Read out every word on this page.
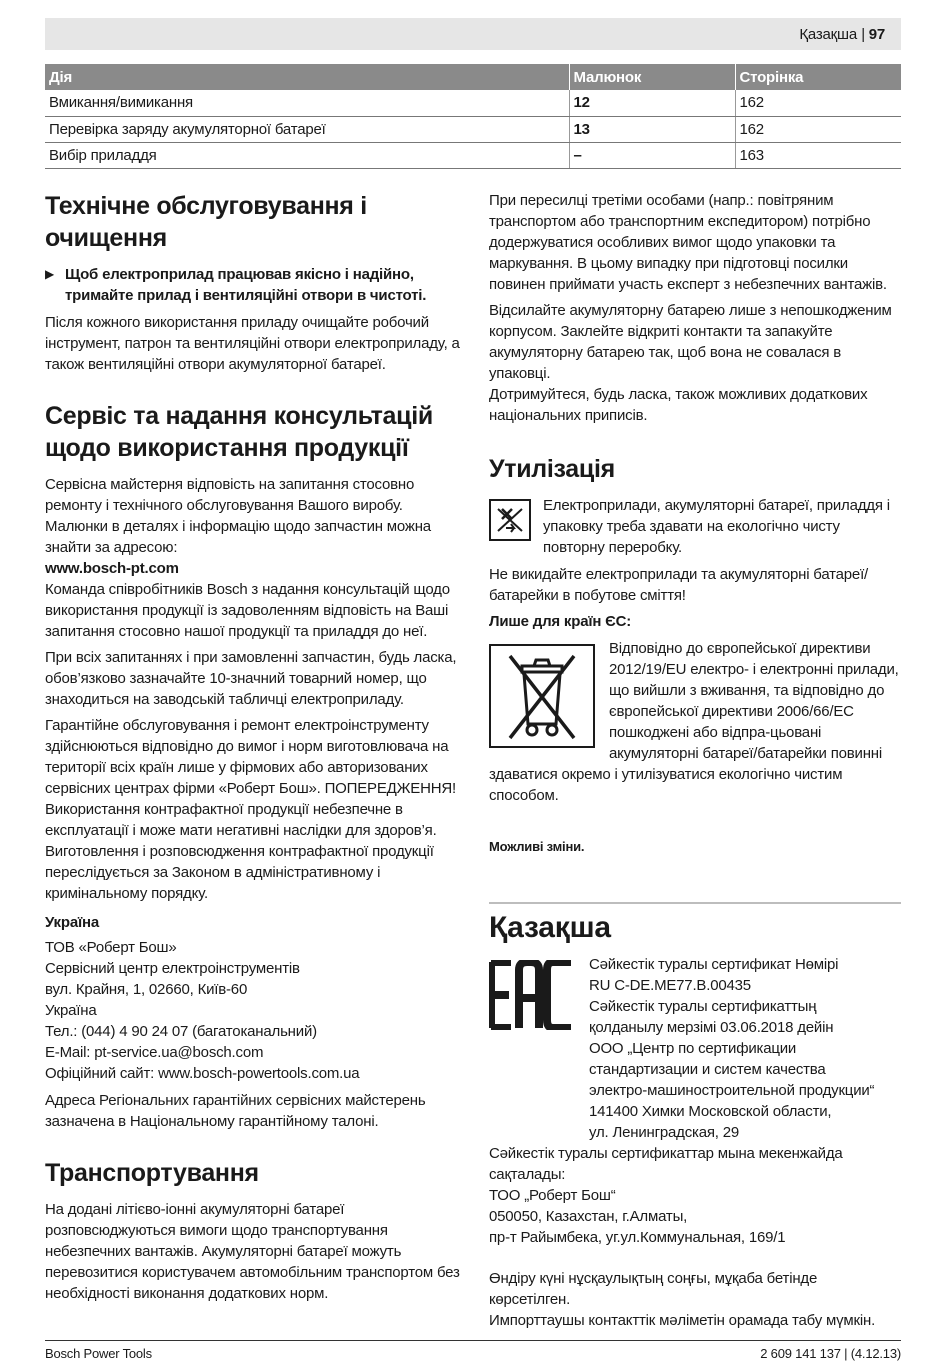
Қазақша | 97
Дія	Малюнок	Сторінка
Вмикання/вимикання	12	162
Перевірка заряду акумуляторної батареї	13	162
Вибір приладдя	–	163
Технічне обслуговування і очищення
▶ Щоб електроприлад працював якісно і надійно, тримайте прилад і вентиляційні отвори в чистоті.

Після кожного використання приладу очищайте робочий інструмент, патрон та вентиляційні отвори електроприладу, а також вентиляційні отвори акумуляторної батареї.

Сервіс та надання консультацій щодо використання продукції

Сервісна майстерня відповість на запитання стосовно ремонту і технічного обслуговування Вашого виробу. Малюнки в деталях і інформацію щодо запчастин можна знайти за адресою:

www.bosch-pt.com

Команда співробітників Bosch з надання консультацій щодо використання продукції із задоволенням відповість на Ваші запитання стосовно нашої продукції та приладдя до неї.

При всіх запитаннях і при замовленні запчастин, будь ласка, обов’язково зазначайте 10-значний товарний номер, що знаходиться на заводській табличці електроприладу.

Гарантійне обслуговування і ремонт електроінструменту здійснюються відповідно до вимог і норм виготовлювача на території всіх країн лише у фірмових або авторизованих сервісних центрах фірми «Роберт Бош». ПОПЕРЕДЖЕННЯ! Використання контрафактної продукції небезпечне в експлуатації і може мати негативні наслідки для здоров’я. Виготовлення і розповсюдження контрафактної продукції переслідується за Законом в адміністративному і кримінальному порядку.

Україна

ТОВ «Роберт Бош»
Сервісний центр електроінструментів
вул. Крайня, 1, 02660, Київ-60
Україна
Тел.: (044) 4 90 24 07 (багатоканальний)
E-Mail: pt-service.ua@bosch.com
Офіційний сайт: www.bosch-powertools.com.ua

Адреса Регіональних гарантійних сервісних майстерень зазначена в Національному гарантійному талоні.

Транспортування

На додані літієво-іонні акумуляторні батареї розповсюджуються вимоги щодо транспортування небезпечних вантажів. Акумуляторні батареї можуть перевозитися користувачем автомобільним транспортом без необхідності виконання додаткових норм.

При пересилці третіми особами (напр.: повітряним транспортом або транспортним експедитором) потрібно додержуватися особливих вимог щодо упаковки та маркування. В цьому випадку при підготовці посилки повинен приймати участь експерт з небезпечних вантажів.

Відсилайте акумуляторну батарею лише з непошкодженим корпусом. Заклейте відкриті контакти та запакуйте акумуляторну батарею так, щоб вона не совалася в упаковці.

Дотримуйтеся, будь ласка, також можливих додаткових національних приписів.

Утилізація
Електроприлади, акумуляторні батареї, приладдя і упаковку треба здавати на екологічно чисту повторну переробку.

Не викидайте електроприлади та акумуляторні батареї/батарейки в побутове сміття!

Лише для країн ЄС:

Відповідно до європейської директиви 2012/19/EU електро- і електронні прилади, що вийшли з вживання, та відповідно до європейської директиви 2006/66/EC пошкоджені або відпра-цьовані акумуляторні батареї/батарейки повинні здаватися окремо і утилізуватися екологічно чистим способом.

Можливі зміни.

Қазақша
Сәйкестік туралы сертификат Нөмірі
RU C-DE.ME77.B.00435
Сәйкестік туралы сертификаттың
қолданылу мерзімі 03.06.2018 дейін
ООО „Центр по сертификации
стандартизации и систем качества
электро-машиностроительной продукции“
141400 Химки Московской области,
ул. Ленинградская, 29

Сәйкестік туралы сертификаттар мына мекенжайда сақталады:

ТОО „Роберт Бош“
050050, Казахстан, г.Алматы,
пр-т Райымбека, уг.ул.Коммунальная, 169/1

Өндіру күні нұсқаулықтың соңғы, мұқаба бетінде көрсетілген.

Импорттаушы контакттік мәліметін орамада табу мүмкін.

Bosch Power Tools	2 609 141 137 | (4.12.13)
